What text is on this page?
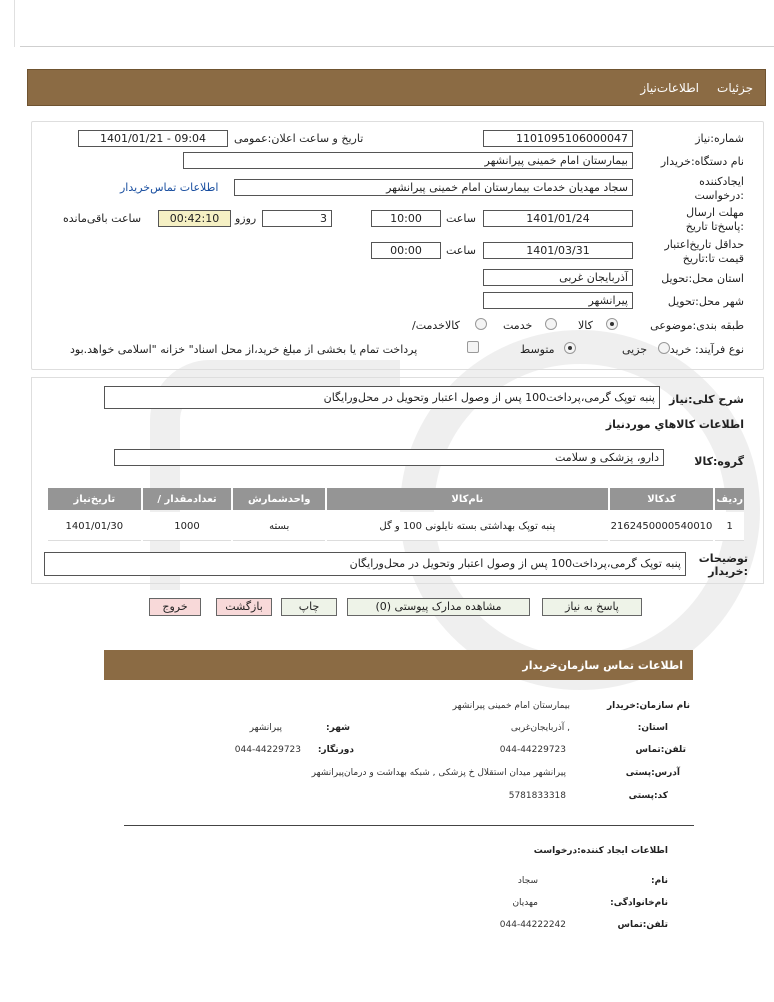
جزئیات
اطلاعات‌نیاز
شماره:نیاز
1101095106000047
تاریخ و ساعت اعلان:عمومی
1401/01/21 - 09:04
نام دستگاه:خریدار
بیمارستان امام خمینی پیرانشهر
ایجادکننده درخواست:
سجاد مهدیان خدمات بیمارستان امام خمینی پیرانشهر
اطلاعات تماس‌خریدار
مهلت ارسال :پاسخ‌تا تاریخ
1401/01/24
ساعت
10:00
3
روزو
00:42:10
ساعت باقی‌مانده
حداقل تاریخ‌اعتبار قیمت تا:تاریخ
1401/03/31
ساعت
00:00
استان محل:تحویل
آذربایجان غربی
شهر محل:تحویل
پیرانشهر
طبقه بندی:موضوعی
کالا
خدمت
/کالاخدمت
نوع فرآیند: خرید
جزیی
متوسط
پرداخت تمام یا بخشی از مبلغ خرید،از محل اسناد" خزانه "اسلامی خواهد.بود
شرح کلی:نیاز
پنبه توپک گرمی،پرداخت100 پس از وصول اعتبار وتحویل در محل‌ورایگان
اطلاعات کالاهاي موردنياز
گروه:کالا
دارو، پزشکی و سلامت
تاریخ‌نیاز	/ تعدادمقدار	واحدشمارش	نام‌کالا	کدکالا	ردیف
1401/01/30	1000	بسته	پنبه توپک بهداشتی بسته نایلونی 100 و گل	2162450000540010	1
توضیحات :خریدار
پنبه توپک گرمی،پرداخت100 پس از وصول اعتبار وتحویل در محل‌ورایگان
پاسخ به نیاز
مشاهده مدارک پیوستی (0)
چاپ
بازگشت
خروج
اطلاعات تماس سازمان‌خریدار
نام سازمان:خریدار
بیمارستان امام خمینی پیرانشهر
:استان
آذربایجان‌غربی ,
:شهر
پیرانشهر
تلفن:تماس
044-44229723
:دورنگار
044-44229723
آدرس:پستی
پیرانشهر میدان استقلال خ پزشکی , شبکه بهداشت و درمان‌پیرانشهر
کد:پستی
5781833318
اطلاعات ایجاد کننده:درخواست
:نام
سجاد
:نام‌خانوادگی
مهدیان
تلفن:تماس
044-44222242
